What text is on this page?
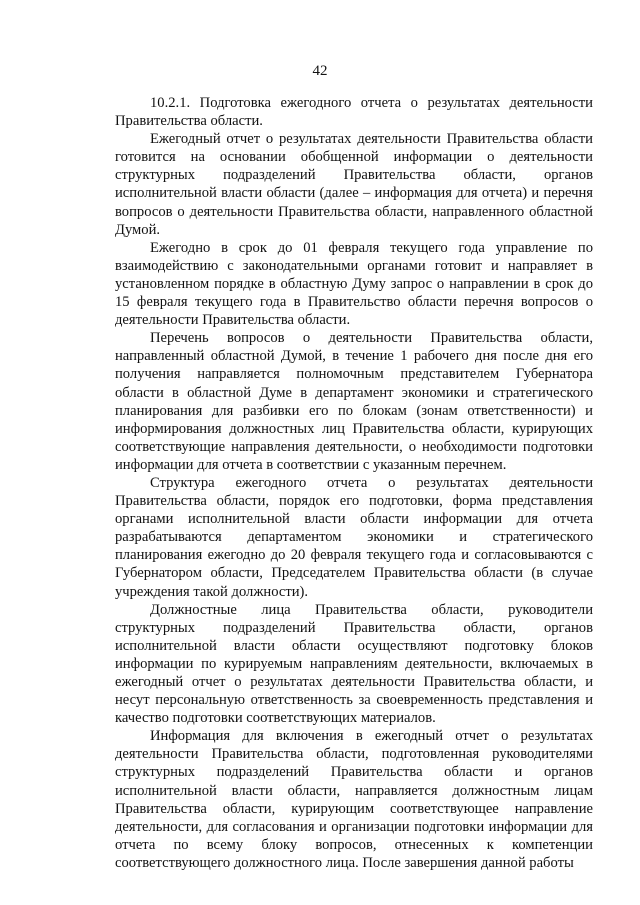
42

10.2.1. Подготовка ежегодного отчета о результатах деятельности Правительства области.

Ежегодный отчет о результатах деятельности Правительства области готовится на основании обобщенной информации о деятельности структурных подразделений Правительства области, органов исполнительной власти области (далее – информация для отчета) и перечня вопросов о деятельности Правительства области, направленного областной Думой.

Ежегодно в срок до 01 февраля текущего года управление по взаимодействию с законодательными органами готовит и направляет в установленном порядке в областную Думу запрос о направлении в срок до 15 февраля текущего года в Правительство области перечня вопросов о деятельности Правительства области.

Перечень вопросов о деятельности Правительства области, направленный областной Думой, в течение 1 рабочего дня после дня его получения направляется полномочным представителем Губернатора области в областной Думе в департамент экономики и стратегического планирования для разбивки его по блокам (зонам ответственности) и информирования должностных лиц Правительства области, курирующих соответствующие направления деятельности, о необходимости подготовки информации для отчета в соответствии с указанным перечнем.

Структура ежегодного отчета о результатах деятельности Правительства области, порядок его подготовки, форма представления органами исполнительной власти области информации для отчета разрабатываются департаментом экономики и стратегического планирования ежегодно до 20 февраля текущего года и согласовываются с Губернатором области, Председателем Правительства области (в случае учреждения такой должности).

Должностные лица Правительства области, руководители структурных подразделений Правительства области, органов исполнительной власти области осуществляют подготовку блоков информации по курируемым направлениям деятельности, включаемых в ежегодный отчет о результатах деятельности Правительства области, и несут персональную ответственность за своевременность представления и качество подготовки соответствующих материалов.

Информация для включения в ежегодный отчет о результатах деятельности Правительства области, подготовленная руководителями структурных подразделений Правительства области и органов исполнительной власти области, направляется должностным лицам Правительства области, курирующим соответствующее направление деятельности, для согласования и организации подготовки информации для отчета по всему блоку вопросов, отнесенных к компетенции соответствующего должностного лица. После завершения данной работы
